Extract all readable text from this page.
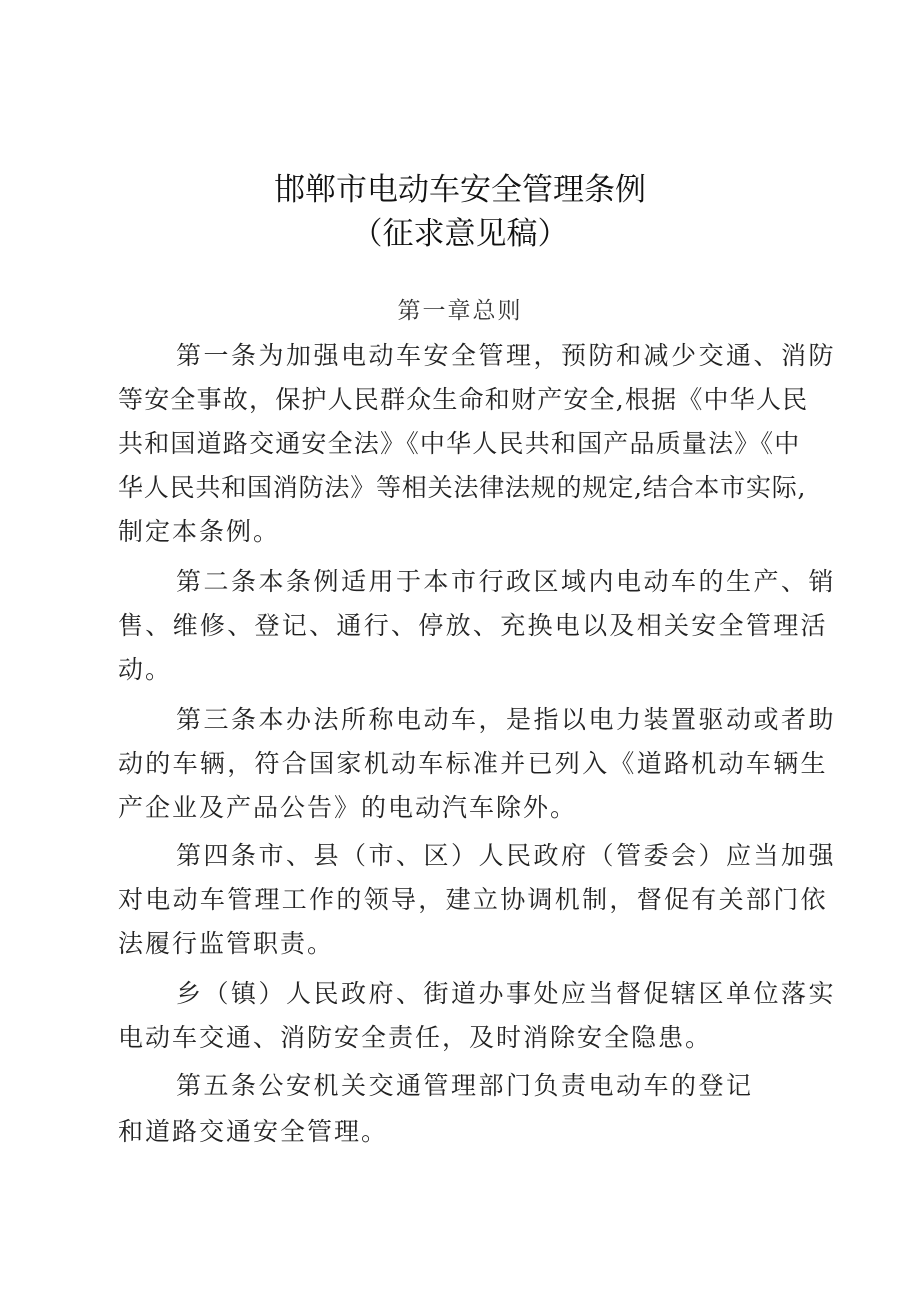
邯郸市电动车安全管理条例
（征求意见稿）
第一章总则
第一条为加强电动车安全管理，预防和减少交通、消防
等安全事故，保护人民群众生命和财产安全,根据《中华人民
共和国道路交通安全法》《中华人民共和国产品质量法》《中
华人民共和国消防法》等相关法律法规的规定,结合本市实际,
制定本条例。
第二条本条例适用于本市行政区域内电动车的生产、销
售、维修、登记、通行、停放、充换电以及相关安全管理活
动。
第三条本办法所称电动车，是指以电力装置驱动或者助
动的车辆，符合国家机动车标准并已列入《道路机动车辆生
产企业及产品公告》的电动汽车除外。
第四条市、县（市、区）人民政府（管委会）应当加强
对电动车管理工作的领导，建立协调机制，督促有关部门依
法履行监管职责。
乡（镇）人民政府、街道办事处应当督促辖区单位落实
电动车交通、消防安全责任，及时消除安全隐患。
第五条公安机关交通管理部门负责电动车的登记
和道路交通安全管理。
